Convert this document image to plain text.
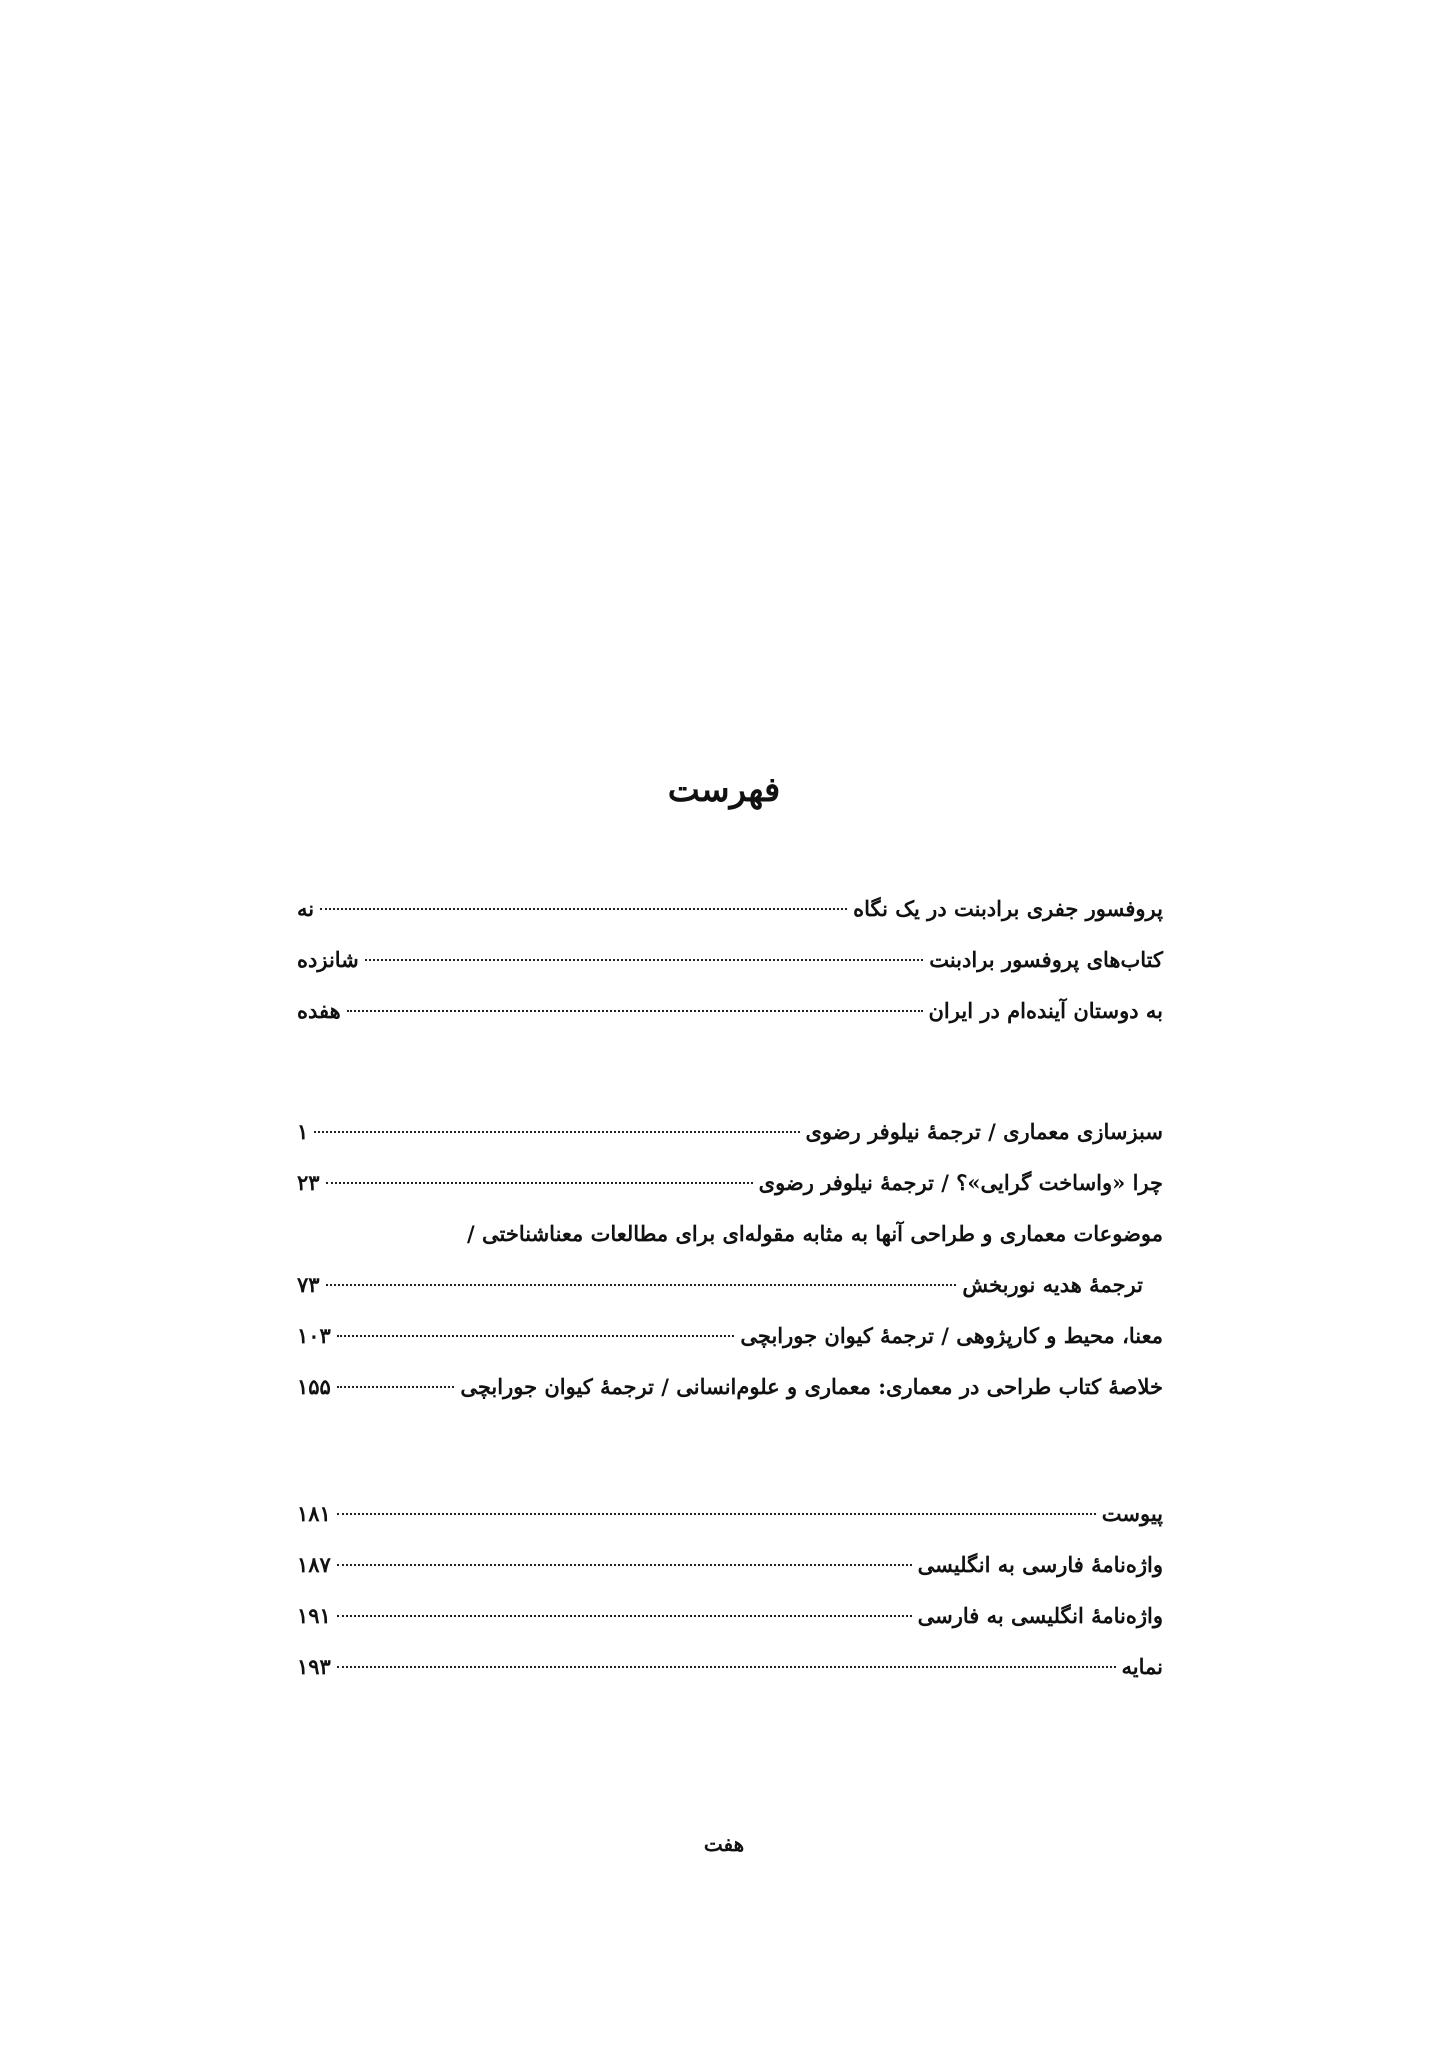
فهرست
پروفسور جفری برادبنت در یک نگاه
نه
کتاب‌های پروفسور برادبنت
شانزده
به دوستان آینده‌ام در ایران
هفده
سبزسازی معماری / ترجمهٔ نیلوفر رضوی
۱
چرا «واساخت گرایی»؟ / ترجمهٔ نیلوفر رضوی
۲۳
موضوعات معماری و طراحی آنها به مثابه مقوله‌ای برای مطالعات معناشناختی /
ترجمهٔ هدیه نوربخش
۷۳
معنا، محیط و کارپژوهی / ترجمهٔ کیوان جورابچی
۱۰۳
خلاصهٔ کتاب طراحی در معماری: معماری و علوم‌انسانی / ترجمهٔ کیوان جورابچی
۱۵۵
پیوست
۱۸۱
واژه‌نامهٔ فارسی به انگلیسی
۱۸۷
واژه‌نامهٔ انگلیسی به فارسی
۱۹۱
نمایه
۱۹۳
هفت
